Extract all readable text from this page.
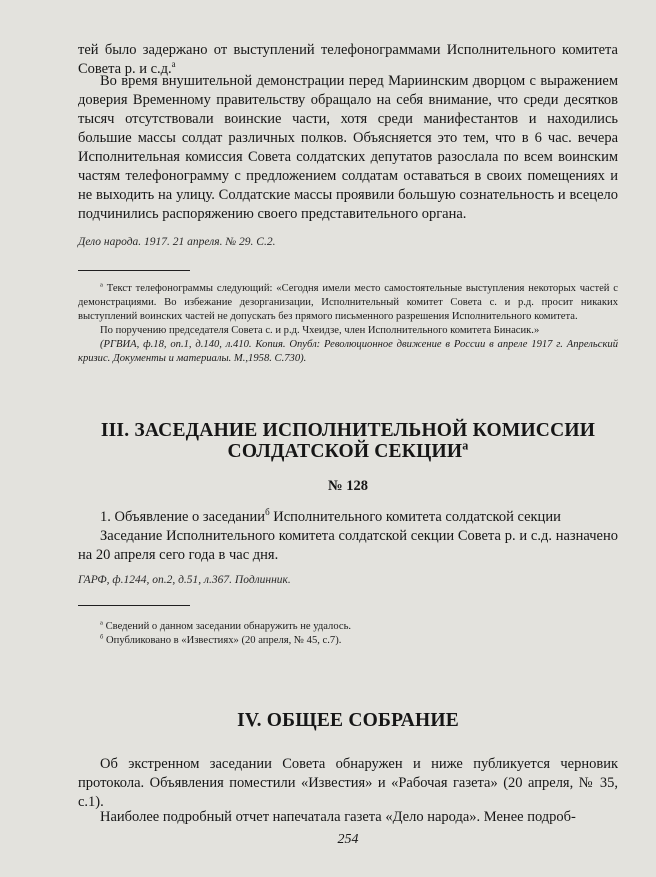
тей было задержано от выступлений телефонограммами Исполнительного комитета Совета р. и с.д.$^а$

Во время внушительной демонстрации перед Мариинским дворцом с выражением доверия Временному правительству обращало на себя внимание, что среди десятков тысяч отсутствовали воинские части, хотя среди манифестантов и находились большие массы солдат различных полков. Объясняется это тем, что в 6 час. вечера Исполнительная комиссия Совета солдатских депутатов разослала по всем воинским частям телефонограмму с предложением солдатам оставаться в своих помещениях и не выходить на улицу. Солдатские массы проявили большую сознательность и всецело подчинились распоряжению своего представительного органа.

Дело народа. 1917. 21 апреля. № 29. С.2.

$^а$ Текст телефонограммы следующий: «Сегодня имели место самостоятельные выступления некоторых частей с демонстрациями. Во избежание дезорганизации, Исполнительный комитет Совета с. и р.д. просит никаких выступлений воинских частей не допускать без прямого письменного разрешения Исполнительного комитета.

По поручению председателя Совета с. и р.д. Чхеидзе, член Исполнительного комитета Бинасик.»

(РГВИА, ф.18, оп.1, д.140, л.410. Копия. Опубл: Революционное движение в России в апреле 1917 г. Апрельский кризис. Документы и материалы. М.,1958. С.730).

III. ЗАСЕДАНИЕ ИСПОЛНИТЕЛЬНОЙ КОМИССИИ
СОЛДАТСКОЙ $СЕКЦИИ^а$
№ 128

1. Объявление о заседании$^б$ Исполнительного комитета солдатской секции

Заседание Исполнительного комитета солдатской секции Совета р. и с.д. назначено на 20 апреля сего года в час дня.

ГАРФ, ф.1244, оп.2, д.51, л.367. Подлинник.

$^а$ Сведений о данном заседании обнаружить не удалось.

$^б$ Опубликовано в «Известиях» (20 апреля, № 45, с.7).

IV. ОБЩЕЕ СОБРАНИЕ

Об экстренном заседании Совета обнаружен и ниже публикуется черновик протокола. Объявления поместили «Известия» и «Рабочая газета» (20 апреля, № 35, с.1).

Наиболее подробный отчет напечатала газета «Дело народа». Менее подроб-

254
